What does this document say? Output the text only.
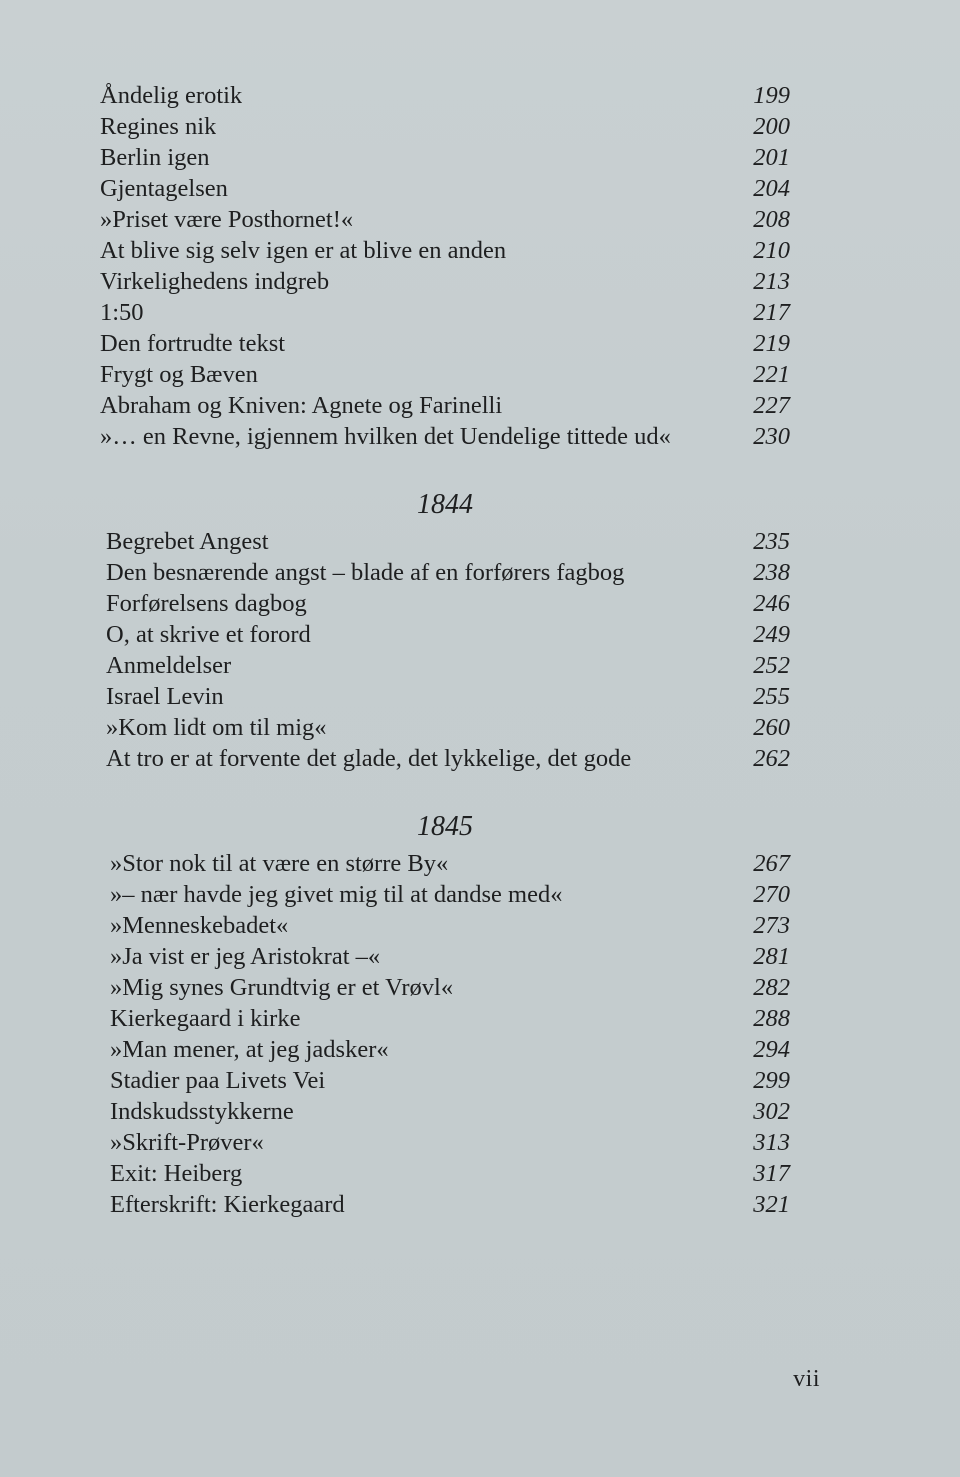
Åndelig erotik	199
Regines nik	200
Berlin igen	201
Gjentagelsen	204
»Priset være Posthornet!«	208
At blive sig selv igen er at blive en anden	210
Virkelighedens indgreb	213
1:50	217
Den fortrudte tekst	219
Frygt og Bæven	221
Abraham og Kniven: Agnete og Farinelli	227
»… en Revne, igjennem hvilken det Uendelige tittede ud«	230
1844
Begrebet Angest	235
Den besnærende angst – blade af en forførers fagbog	238
Forførelsens dagbog	246
O, at skrive et forord	249
Anmeldelser	252
Israel Levin	255
»Kom lidt om til mig«	260
At tro er at forvente det glade, det lykkelige, det gode	262
1845
»Stor nok til at være en større By«	267
»– nær havde jeg givet mig til at dandse med«	270
»Menneskebadet«	273
»Ja vist er jeg Aristokrat –«	281
»Mig synes Grundtvig er et Vrøvl«	282
Kierkegaard i kirke	288
»Man mener, at jeg jadsker«	294
Stadier paa Livets Vei	299
Indskudsstykkerne	302
»Skrift-Prøver«	313
Exit: Heiberg	317
Efterskrift: Kierkegaard	321
vii
